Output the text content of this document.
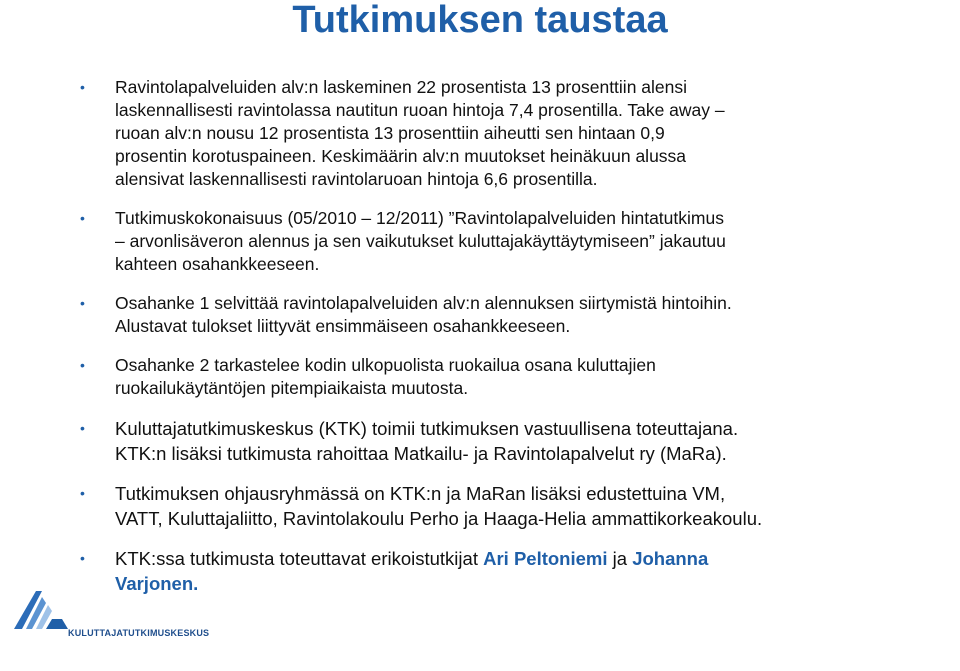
Tutkimuksen taustaa
• Ravintolapalveluiden alv:n laskeminen 22 prosentista 13 prosenttiin alensi
laskennallisesti ravintolassa nautitun ruoan hintoja 7,4 prosentilla. Take away –
ruoan alv:n nousu 12 prosentista 13 prosenttiin aiheutti sen hintaan 0,9
prosentin korotuspaineen. Keskimäärin alv:n muutokset heinäkuun alussa
alensivat laskennallisesti ravintolaruoan hintoja 6,6 prosentilla.
• Tutkimuskokonaisuus (05/2010 – 12/2011) ”Ravintolapalveluiden hintatutkimus
– arvonlisäveron alennus ja sen vaikutukset kuluttajakäyttäytymiseen” jakautuu
kahteen osahankkeeseen.
• Osahanke 1 selvittää ravintolapalveluiden alv:n alennuksen siirtymistä hintoihin.
Alustavat tulokset liittyvät ensimmäiseen osahankkeeseen.
• Osahanke 2 tarkastelee kodin ulkopuolista ruokailua osana kuluttajien
ruokailukäytäntöjen pitempiaikaista muutosta.
• Kuluttajatutkimuskeskus (KTK) toimii tutkimuksen vastuullisena toteuttajana.
KTK:n lisäksi tutkimusta rahoittaa Matkailu- ja Ravintolapalvelut ry (MaRa).
• Tutkimuksen ohjausryhmässä on KTK:n ja MaRan lisäksi edustettuina VM,
VATT, Kuluttajaliitto, Ravintolakoulu Perho ja Haaga-Helia ammattikorkeakoulu.
• KTK:ssa tutkimusta toteuttavat erikoistutkijat Ari Peltoniemi ja Johanna
Varjonen.
KULUTTAJATUTKIMUSKESKUS
